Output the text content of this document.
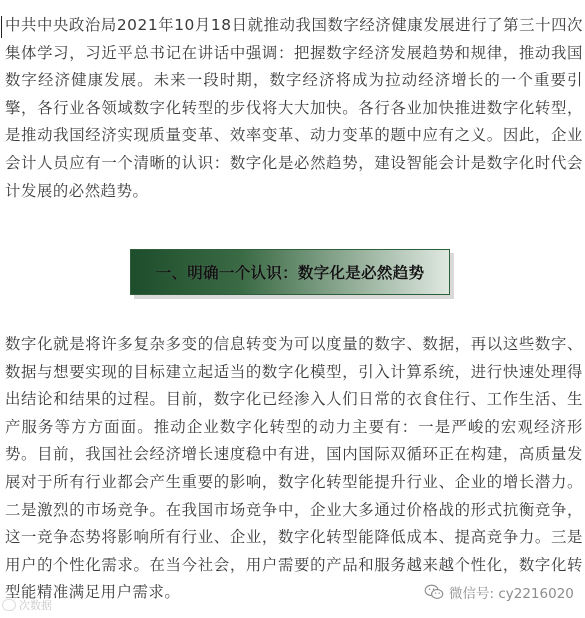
中共中央政治局2021年10月18日就推动我国数字经济健康发展进行了第三十四次集体学习，习近平总书记在讲话中强调：把握数字经济发展趋势和规律，推动我国数字经济健康发展。未来一段时期，数字经济将成为拉动经济增长的一个重要引擎，各行业各领域数字化转型的步伐将大大加快。各行各业加快推进数字化转型，是推动我国经济实现质量变革、效率变革、动力变革的题中应有之义。因此，企业会计人员应有一个清晰的认识：数字化是必然趋势，建设智能会计是数字化时代会计发展的必然趋势。

一、明确一个认识：数字化是必然趋势

数字化就是将许多复杂多变的信息转变为可以度量的数字、数据，再以这些数字、数据与想要实现的目标建立起适当的数字化模型，引入计算系统，进行快速处理得出结论和结果的过程。目前，数字化已经渗入人们日常的衣食住行、工作生活、生产服务等方方面面。推动企业数字化转型的动力主要有：一是严峻的宏观经济形势。目前，我国社会经济增长速度稳中有进，国内国际双循环正在构建，高质量发展对于所有行业都会产生重要的影响，数字化转型能提升行业、企业的增长潜力。二是激烈的市场竞争。在我国市场竞争中，企业大多通过价格战的形式抗衡竞争，这一竞争态势将影响所有行业、企业，数字化转型能降低成本、提高竞争力。三是用户的个性化需求。在当今社会，用户需要的产品和服务越来越个性化，数字化转型能精准满足用户需求。

次数据
微信号: cy2216020
